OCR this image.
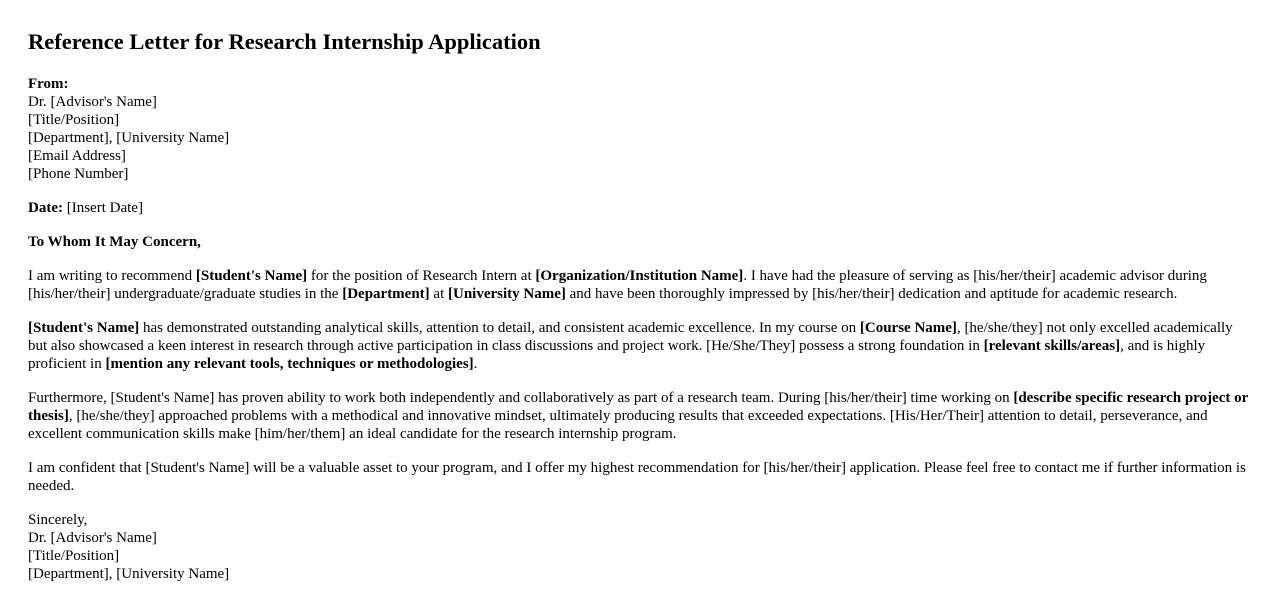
Reference Letter for Research Internship Application

From:
Dr. [Advisor's Name]
[Title/Position]
[Department], [University Name]
[Email Address]
[Phone Number]

Date: [Insert Date]

To Whom It May Concern,

I am writing to recommend [Student's Name] for the position of Research Intern at [Organization/Institution Name]. I have had the pleasure of serving as [his/her/their] academic advisor during [his/her/their] undergraduate/graduate studies in the [Department] at [University Name] and have been thoroughly impressed by [his/her/their] dedication and aptitude for academic research.

[Student's Name] has demonstrated outstanding analytical skills, attention to detail, and consistent academic excellence. In my course on [Course Name], [he/she/they] not only excelled academically but also showcased a keen interest in research through active participation in class discussions and project work. [He/She/They] possess a strong foundation in [relevant skills/areas], and is highly proficient in [mention any relevant tools, techniques or methodologies].

Furthermore, [Student's Name] has proven ability to work both independently and collaboratively as part of a research team. During [his/her/their] time working on [describe specific research project or thesis], [he/she/they] approached problems with a methodical and innovative mindset, ultimately producing results that exceeded expectations. [His/Her/Their] attention to detail, perseverance, and excellent communication skills make [him/her/them] an ideal candidate for the research internship program.

I am confident that [Student's Name] will be a valuable asset to your program, and I offer my highest recommendation for [his/her/their] application. Please feel free to contact me if further information is needed.

Sincerely,
Dr. [Advisor's Name]
[Title/Position]
[Department], [University Name]
